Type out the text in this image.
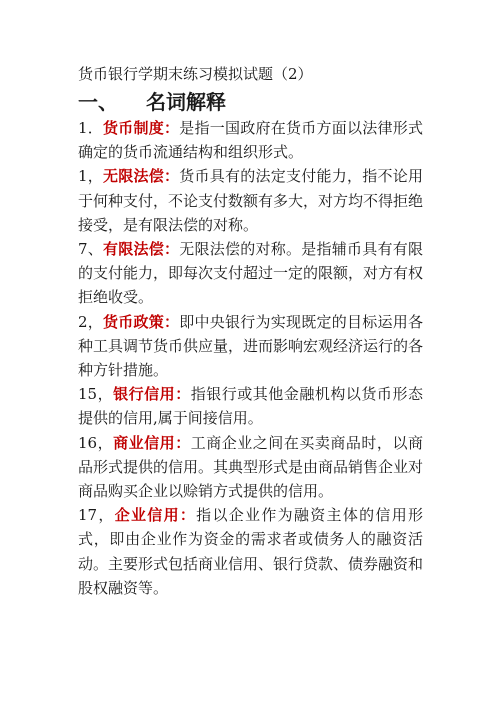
货币银行学期末练习模拟试题（2）
一、 名词解释

1．货币制度：是指一国政府在货币方面以法律形式确定的货币流通结构和组织形式。

1，无限法偿：货币具有的法定支付能力，指不论用于何种支付，不论支付数额有多大，对方均不得拒绝接受，是有限法偿的对称。

7、有限法偿：无限法偿的对称。是指辅币具有有限的支付能力，即每次支付超过一定的限额，对方有权拒绝收受。

2，货币政策：即中央银行为实现既定的目标运用各种工具调节货币供应量，进而影响宏观经济运行的各种方针措施。

15，银行信用：指银行或其他金融机构以货币形态提供的信用,属于间接信用。

16，商业信用：工商企业之间在买卖商品时，以商品形式提供的信用。其典型形式是由商品销售企业对商品购买企业以赊销方式提供的信用。

17，企业信用：指以企业作为融资主体的信用形式，即由企业作为资金的需求者或债务人的融资活动。主要形式包括商业信用、银行贷款、债券融资和股权融资等。
